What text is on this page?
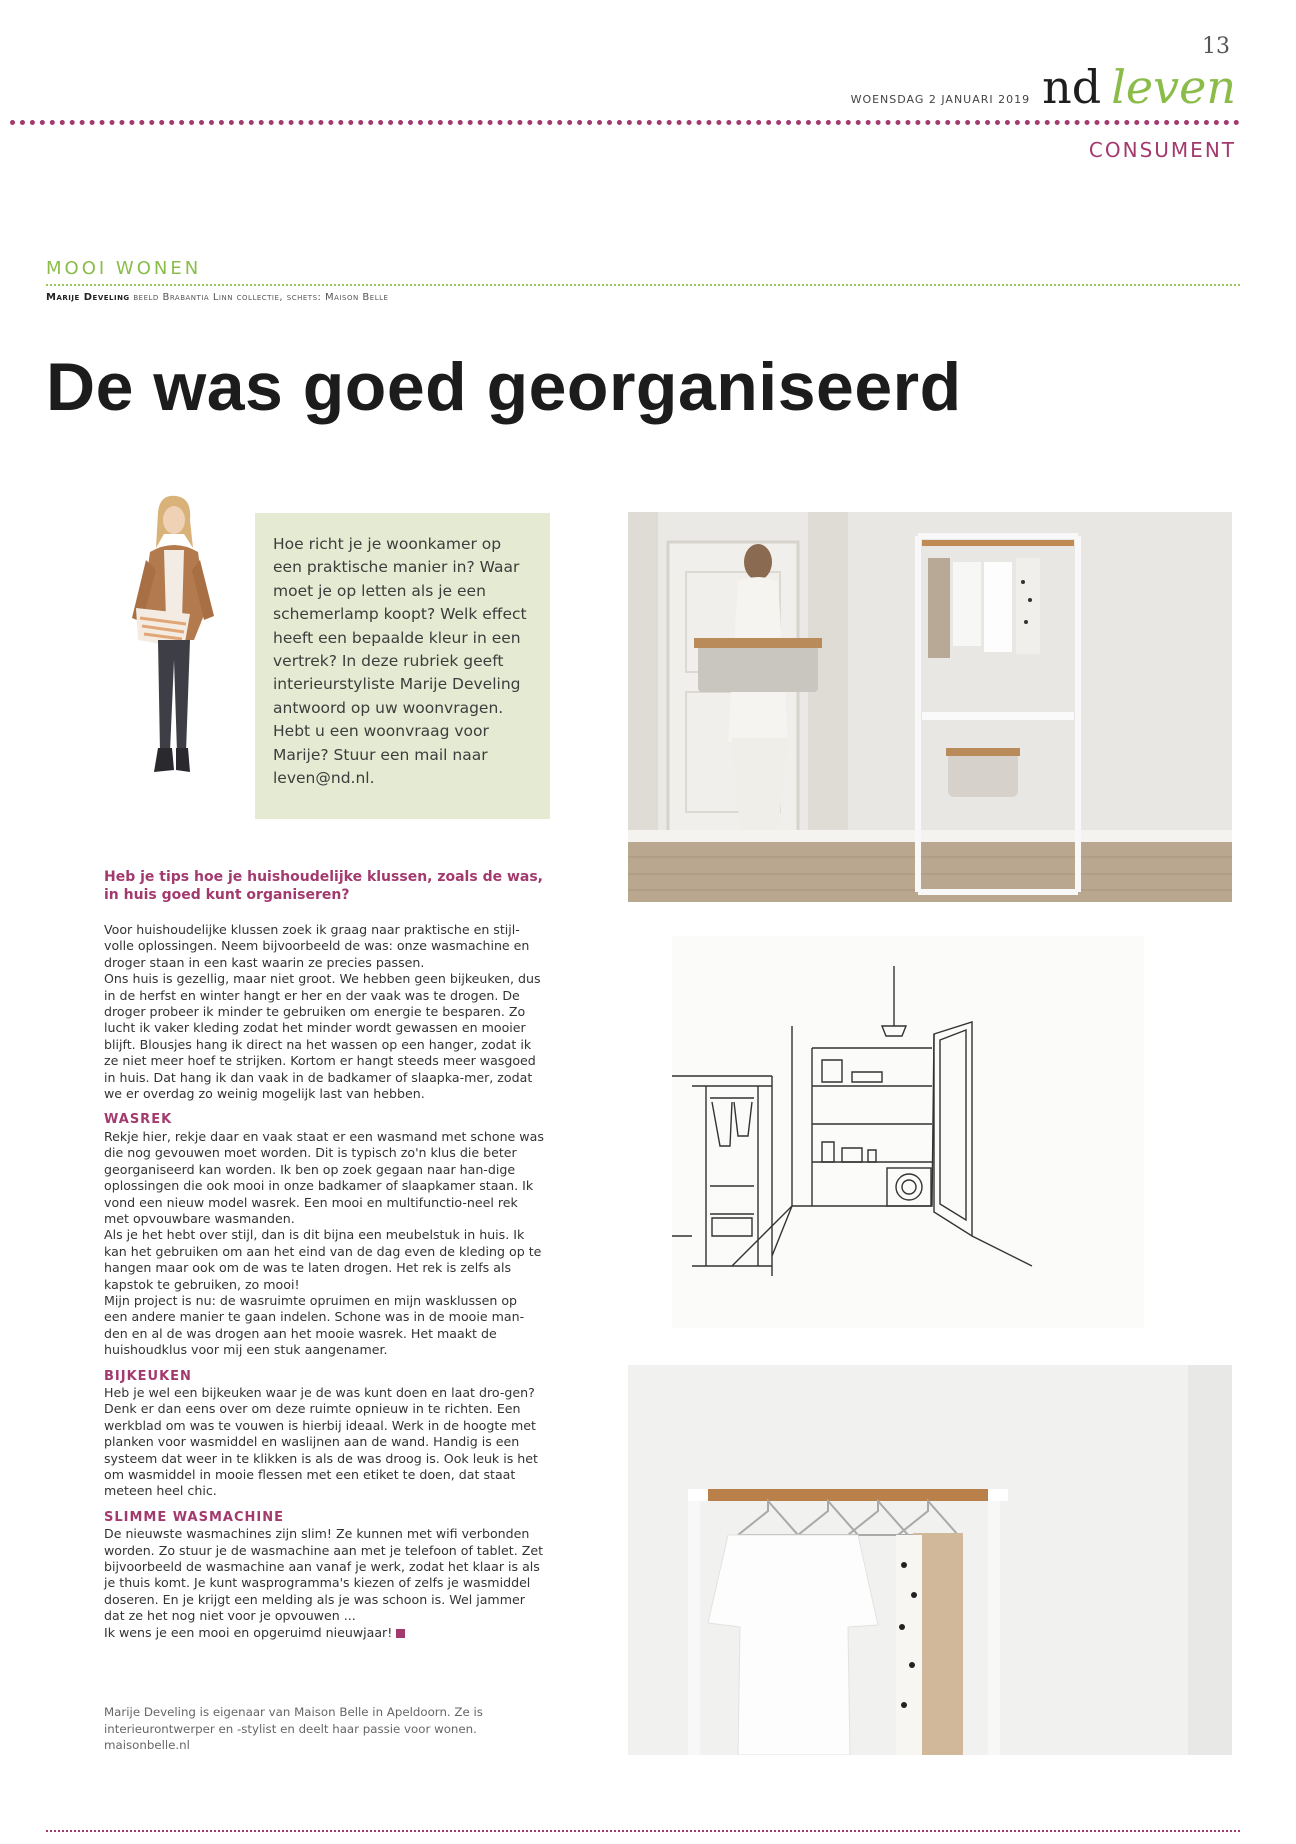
13
WOENSDAG 2 JANUARI 2019 nd leven
CONSUMENT
MOOI WONEN
Marije Develing beeld Brabantia Linn collectie, schets: Maison Belle
De was goed georganiseerd
Hoe richt je je woonkamer op een praktische manier in? Waar moet je op letten als je een schemerlamp koopt? Welk effect heeft een bepaalde kleur in een vertrek? In deze rubriek geeft interieurstyliste Marije Develing antwoord op uw woonvragen. Hebt u een woonvraag voor Marije? Stuur een mail naar leven@nd.nl.
Heb je tips hoe je huishoudelijke klussen, zoals de was, in huis goed kunt organiseren?

Voor huishoudelijke klussen zoek ik graag naar praktische en stijl-volle oplossingen. Neem bijvoorbeeld de was: onze wasmachine en droger staan in een kast waarin ze precies passen.

Ons huis is gezellig, maar niet groot. We hebben geen bijkeuken, dus in de herfst en winter hangt er her en der vaak was te drogen. De droger probeer ik minder te gebruiken om energie te besparen. Zo lucht ik vaker kleding zodat het minder wordt gewassen en mooier blijft. Blousjes hang ik direct na het wassen op een hanger, zodat ik ze niet meer hoef te strijken. Kortom er hangt steeds meer wasgoed in huis. Dat hang ik dan vaak in de badkamer of slaapka-mer, zodat we er overdag zo weinig mogelijk last van hebben.

WASREK

Rekje hier, rekje daar en vaak staat er een wasmand met schone was die nog gevouwen moet worden. Dit is typisch zo'n klus die beter georganiseerd kan worden. Ik ben op zoek gegaan naar han-dige oplossingen die ook mooi in onze badkamer of slaapkamer staan. Ik vond een nieuw model wasrek. Een mooi en multifunctio-neel rek met opvouwbare wasmanden.

Als je het hebt over stijl, dan is dit bijna een meubelstuk in huis. Ik kan het gebruiken om aan het eind van de dag even de kleding op te hangen maar ook om de was te laten drogen. Het rek is zelfs als kapstok te gebruiken, zo mooi!

Mijn project is nu: de wasruimte opruimen en mijn wasklussen op een andere manier te gaan indelen. Schone was in de mooie man-den en al de was drogen aan het mooie wasrek. Het maakt de huishoudklus voor mij een stuk aangenamer.

BIJKEUKEN

Heb je wel een bijkeuken waar je de was kunt doen en laat dro-gen? Denk er dan eens over om deze ruimte opnieuw in te richten. Een werkblad om was te vouwen is hierbij ideaal. Werk in de hoogte met planken voor wasmiddel en waslijnen aan de wand. Handig is een systeem dat weer in te klikken is als de was droog is. Ook leuk is het om wasmiddel in mooie flessen met een etiket te doen, dat staat meteen heel chic.

SLIMME WASMACHINE

De nieuwste wasmachines zijn slim! Ze kunnen met wifi verbonden worden. Zo stuur je de wasmachine aan met je telefoon of tablet. Zet bijvoorbeeld de wasmachine aan vanaf je werk, zodat het klaar is als je thuis komt. Je kunt wasprogramma's kiezen of zelfs je wasmiddel doseren. En je krijgt een melding als je was schoon is. Wel jammer dat ze het nog niet voor je opvouwen ...

Ik wens je een mooi en opgeruimd nieuwjaar!

Marije Develing is eigenaar van Maison Belle in Apeldoorn. Ze is interieurontwerper en -stylist en deelt haar passie voor wonen. maisonbelle.nl
